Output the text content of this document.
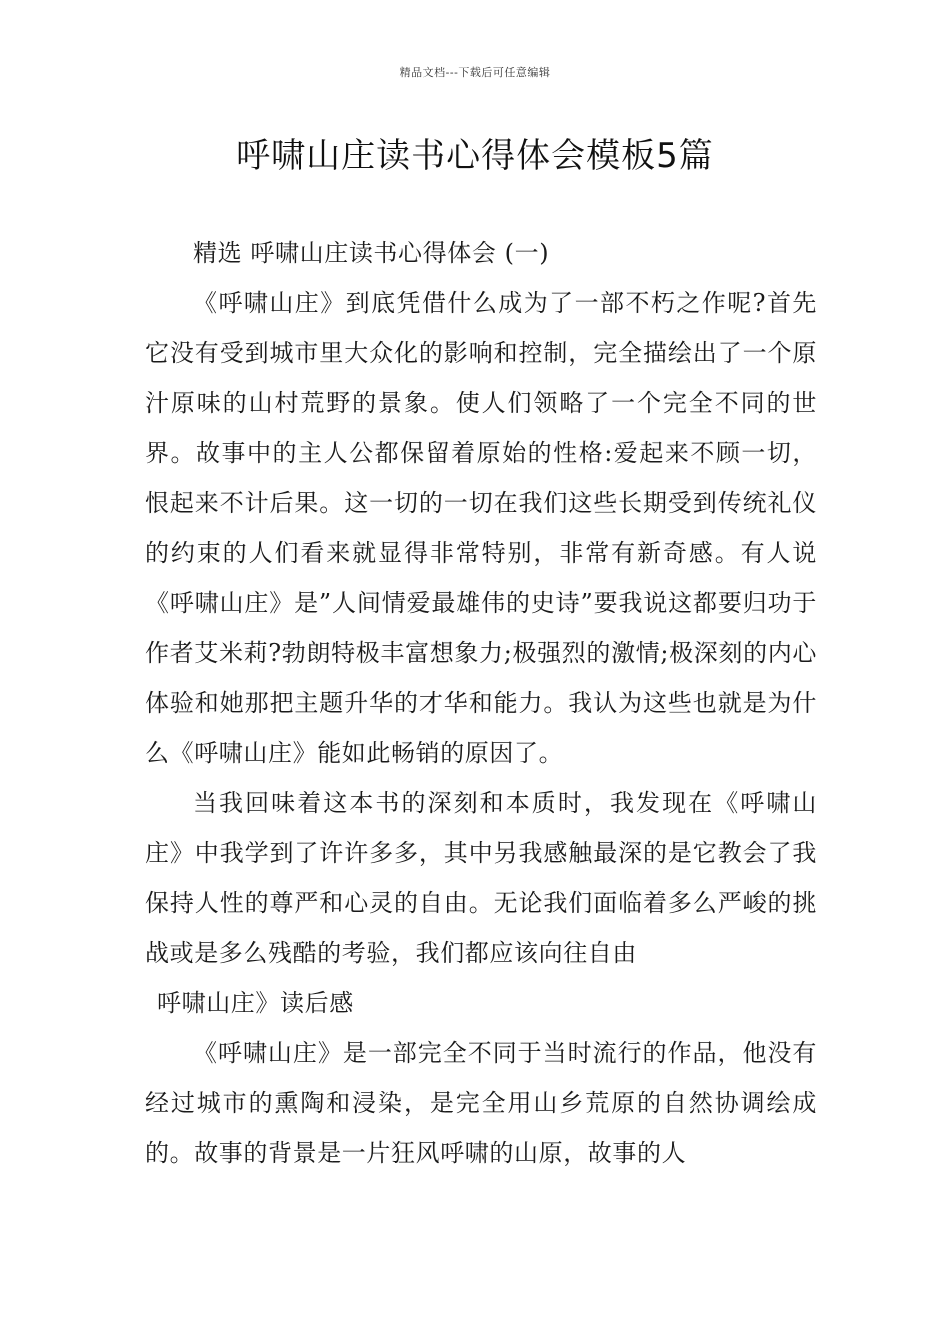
精品文档---下载后可任意编辑
呼啸山庄读书心得体会模板5篇

精选 呼啸山庄读书心得体会 (一)

《呼啸山庄》到底凭借什么成为了一部不朽之作呢?首先它没有受到城市里大众化的影响和控制，完全描绘出了一个原汁原味的山村荒野的景象。使人们领略了一个完全不同的世界。故事中的主人公都保留着原始的性格:爱起来不顾一切，恨起来不计后果。这一切的一切在我们这些长期受到传统礼仪的约束的人们看来就显得非常特别，非常有新奇感。有人说《呼啸山庄》是”人间情爱最雄伟的史诗”要我说这都要归功于作者艾米莉?勃朗特极丰富想象力;极强烈的激情;极深刻的内心体验和她那把主题升华的才华和能力。我认为这些也就是为什么《呼啸山庄》能如此畅销的原因了。

当我回味着这本书的深刻和本质时，我发现在《呼啸山庄》中我学到了许许多多，其中另我感触最深的是它教会了我保持人性的尊严和心灵的自由。无论我们面临着多么严峻的挑战或是多么残酷的考验，我们都应该向往自由

呼啸山庄》读后感

《呼啸山庄》是一部完全不同于当时流行的作品，他没有经过城市的熏陶和浸染，是完全用山乡荒原的自然协调绘成的。故事的背景是一片狂风呼啸的山原，故事的人
